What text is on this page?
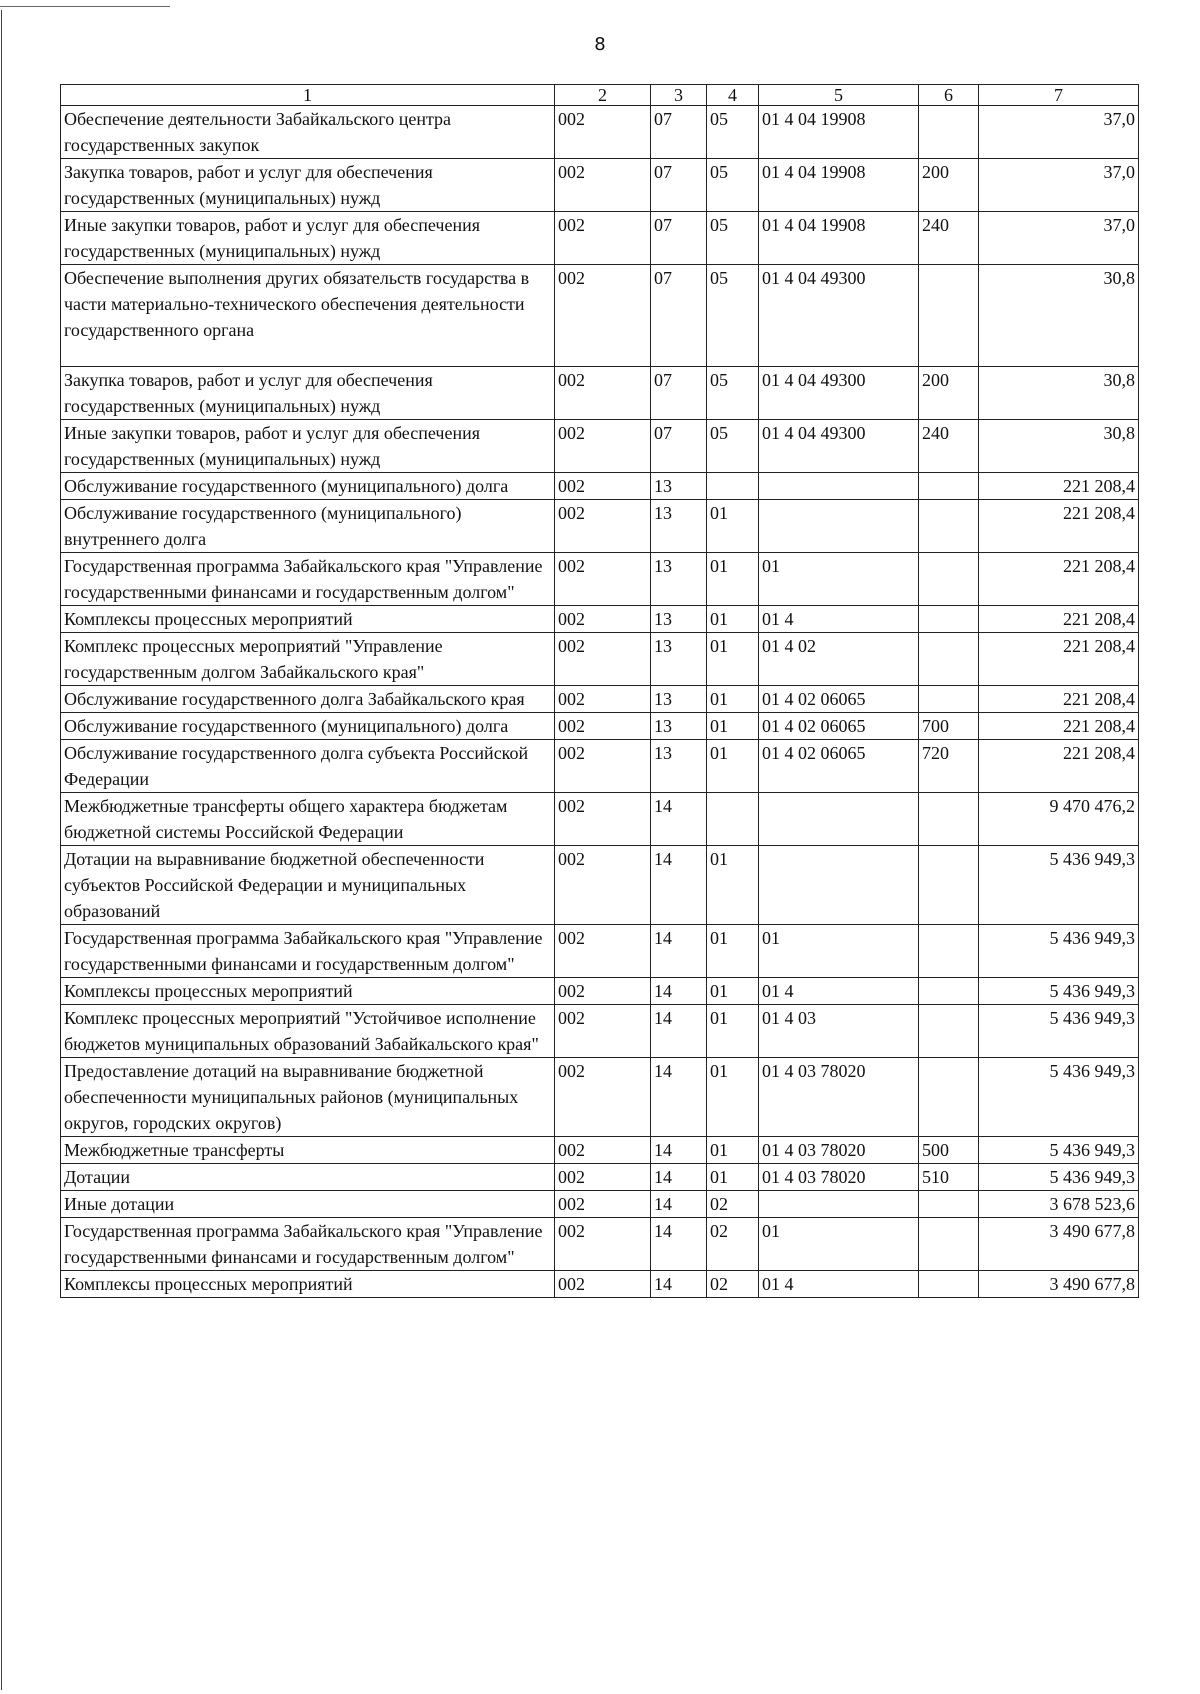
8
1	2	3	4	5	6	7
Обеспечение деятельности Забайкальского центра государственных закупок	002	07	05	01 4 04 19908		37,0
Закупка товаров, работ и услуг для обеспечения государственных (муниципальных) нужд	002	07	05	01 4 04 19908	200	37,0
Иные закупки товаров, работ и услуг для обеспечения государственных (муниципальных) нужд	002	07	05	01 4 04 19908	240	37,0
Обеспечение выполнения других обязательств государства в части материально-технического обеспечения деятельности государственного органа	002	07	05	01 4 04 49300		30,8
Закупка товаров, работ и услуг для обеспечения государственных (муниципальных) нужд	002	07	05	01 4 04 49300	200	30,8
Иные закупки товаров, работ и услуг для обеспечения государственных (муниципальных) нужд	002	07	05	01 4 04 49300	240	30,8
Обслуживание государственного (муниципального) долга	002	13				221 208,4
Обслуживание государственного (муниципального) внутреннего долга	002	13	01			221 208,4
Государственная программа Забайкальского края "Управление государственными финансами и государственным долгом"	002	13	01	01		221 208,4
Комплексы процессных мероприятий	002	13	01	01 4		221 208,4
Комплекс процессных мероприятий "Управление государственным долгом Забайкальского края"	002	13	01	01 4 02		221 208,4
Обслуживание государственного долга Забайкальского края	002	13	01	01 4 02 06065		221 208,4
Обслуживание государственного (муниципального) долга	002	13	01	01 4 02 06065	700	221 208,4
Обслуживание государственного долга субъекта Российской Федерации	002	13	01	01 4 02 06065	720	221 208,4
Межбюджетные трансферты общего характера бюджетам бюджетной системы Российской Федерации	002	14				9 470 476,2
Дотации на выравнивание бюджетной обеспеченности субъектов Российской Федерации и муниципальных образований	002	14	01			5 436 949,3
Государственная программа Забайкальского края "Управление государственными финансами и государственным долгом"	002	14	01	01		5 436 949,3
Комплексы процессных мероприятий	002	14	01	01 4		5 436 949,3
Комплекс процессных мероприятий "Устойчивое исполнение бюджетов муниципальных образований Забайкальского края"	002	14	01	01 4 03		5 436 949,3
Предоставление дотаций на выравнивание бюджетной обеспеченности муниципальных районов (муниципальных округов, городских округов)	002	14	01	01 4 03 78020		5 436 949,3
Межбюджетные трансферты	002	14	01	01 4 03 78020	500	5 436 949,3
Дотации	002	14	01	01 4 03 78020	510	5 436 949,3
Иные дотации	002	14	02			3 678 523,6
Государственная программа Забайкальского края "Управление государственными финансами и государственным долгом"	002	14	02	01		3 490 677,8
Комплексы процессных мероприятий	002	14	02	01 4		3 490 677,8
